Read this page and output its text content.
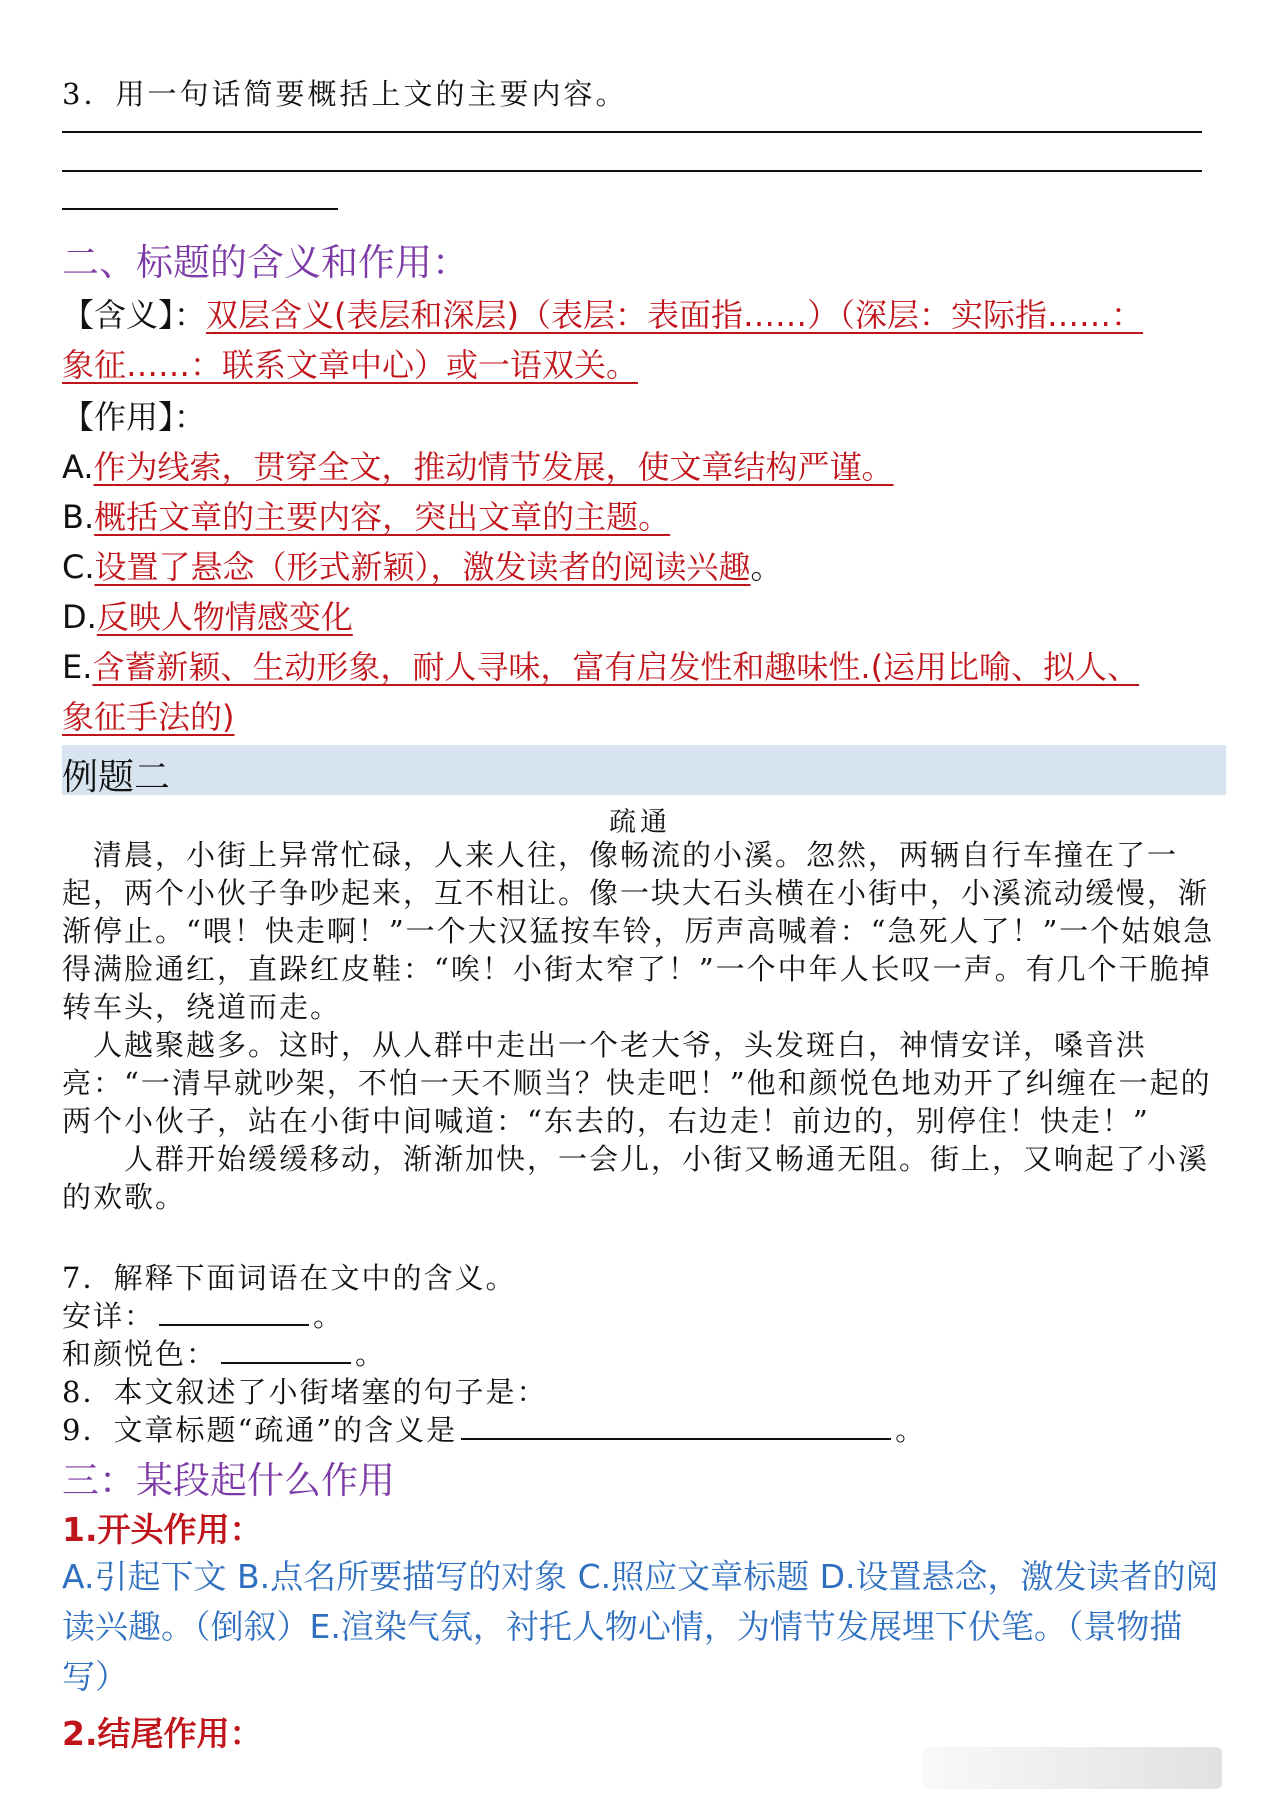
3．用一句话简要概括上文的主要内容。
二、标题的含义和作用：
【含义】：双层含义(表层和深层)（表层：表面指……）（深层：实际指……：
象征……：联系文章中心）或一语双关。
【作用】：
A.作为线索，贯穿全文，推动情节发展，使文章结构严谨。
B.概括文章的主要内容，突出文章的主题。
C.设置了悬念（形式新颖），激发读者的阅读兴趣。
D.反映人物情感变化
E.含蓄新颖、生动形象，耐人寻味，富有启发性和趣味性.(运用比喻、拟人、
象征手法的)
例题二
疏通

　清晨，小街上异常忙碌，人来人往，像畅流的小溪。忽然，两辆自行车撞在了一起，两个小伙子争吵起来，互不相让。像一块大石头横在小街中，小溪流动缓慢，渐渐停止。“喂！快走啊！”一个大汉猛按车铃，厉声高喊着：“急死人了！”一个姑娘急得满脸通红，直跺红皮鞋：“唉！小街太窄了！”一个中年人长叹一声。有几个干脆掉转车头，绕道而走。

　人越聚越多。这时，从人群中走出一个老大爷，头发斑白，神情安详，嗓音洪亮：“一清早就吵架，不怕一天不顺当？快走吧！”他和颜悦色地劝开了纠缠在一起的两个小伙子，站在小街中间喊道：“东去的，右边走！前边的，别停住！快走！”

　　人群开始缓缓移动，渐渐加快，一会儿，小街又畅通无阻。街上，又响起了小溪的欢歌。

7．解释下面词语在文中的含义。
安详：	。
和颜悦色：	。
8．本文叙述了小街堵塞的句子是：
9．文章标题“疏通”的含义是	。
三：某段起什么作用
1.开头作用：
A.引起下文 B.点名所要描写的对象 C.照应文章标题 D.设置悬念，激发读者的阅读兴趣。（倒叙）E.渲染气氛，衬托人物心情，为情节发展埋下伏笔。（景物描写）
2.结尾作用：
